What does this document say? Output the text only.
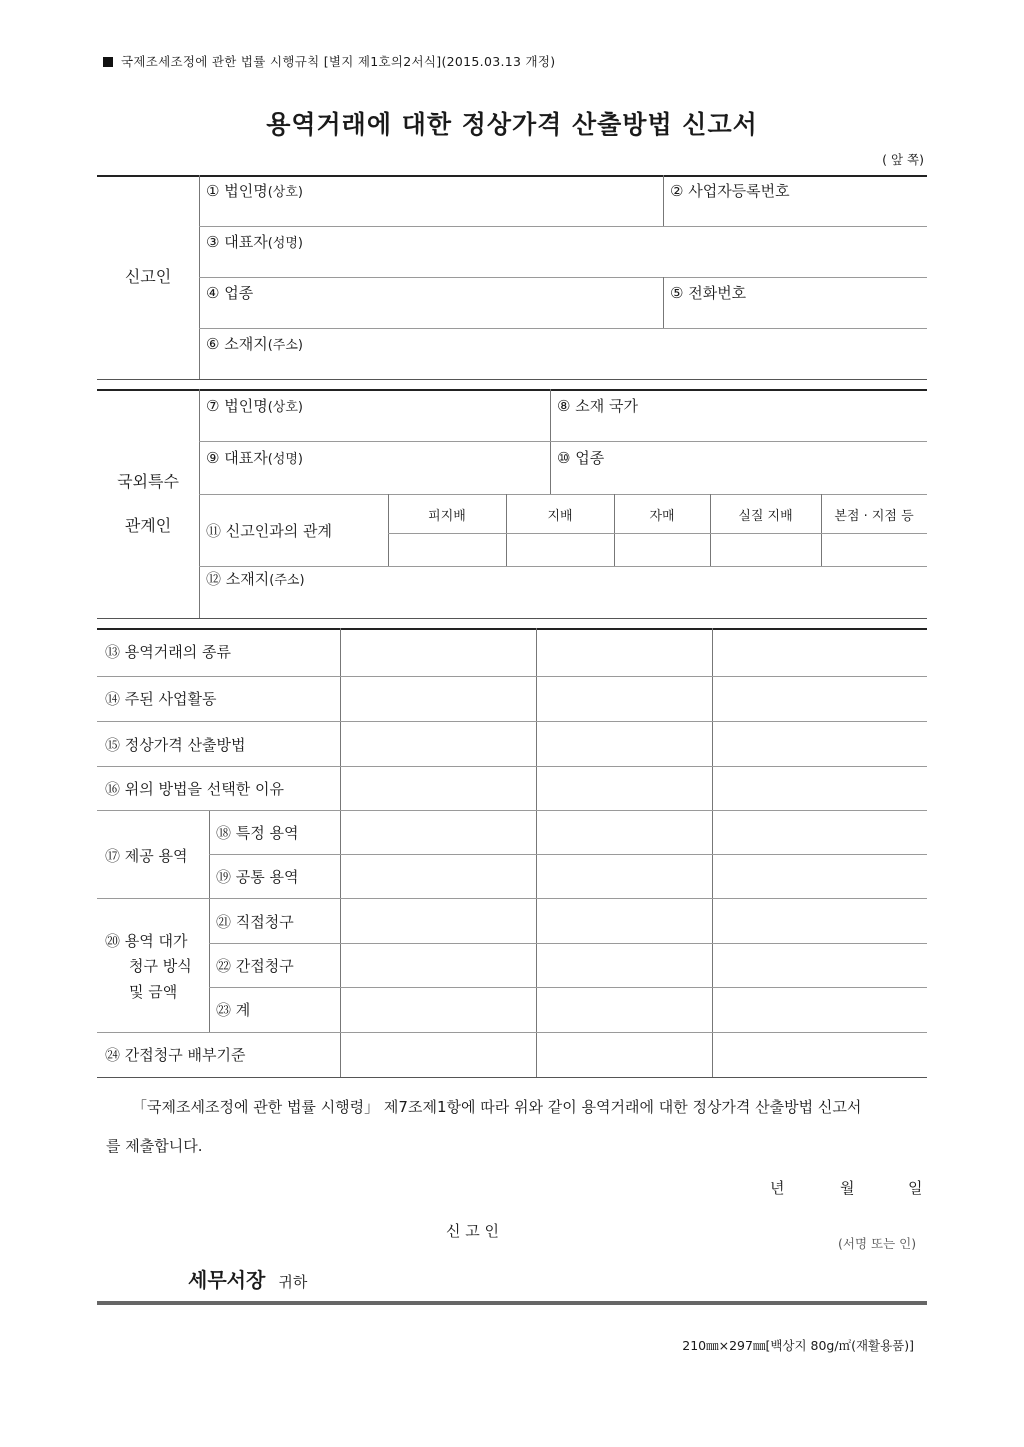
국제조세조정에 관한 법률 시행규칙 [별지 제1호의2서식](2015.03.13 개정)
용역거래에 대한 정상가격 산출방법 신고서
( 앞 쪽)
신고인
① 법인명(상호)	② 사업자등록번호
③ 대표자(성명)
④ 업종	⑤ 전화번호
⑥ 소재지(주소)
국외특수
관계인
⑦ 법인명(상호)	⑧ 소재 국가
⑨ 대표자(성명)	⑩ 업종
⑪ 신고인과의 관계
피지배	지배	자매	실질 지배	본점 · 지점 등
⑫ 소재지(주소)
⑬ 용역거래의 종류
⑭ 주된 사업활동
⑮ 정상가격 산출방법
⑯ 위의 방법을 선택한 이유
⑰ 제공 용역
⑱ 특정 용역
⑲ 공통 용역
⑳ 용역 대가
청구 방식
및 금액
㉑ 직접청구
㉒ 간접청구
㉓ 계
㉔ 간접청구 배부기준
「국제조세조정에 관한 법률 시행령」 제7조제1항에 따라 위와 같이 용역거래에 대한 정상가격 산출방법 신고서
를 제출합니다.
년	월	일
신 고 인
(서명 또는 인)
세무서장 귀하
210㎜×297㎜[백상지 80g/㎡(재활용품)]
